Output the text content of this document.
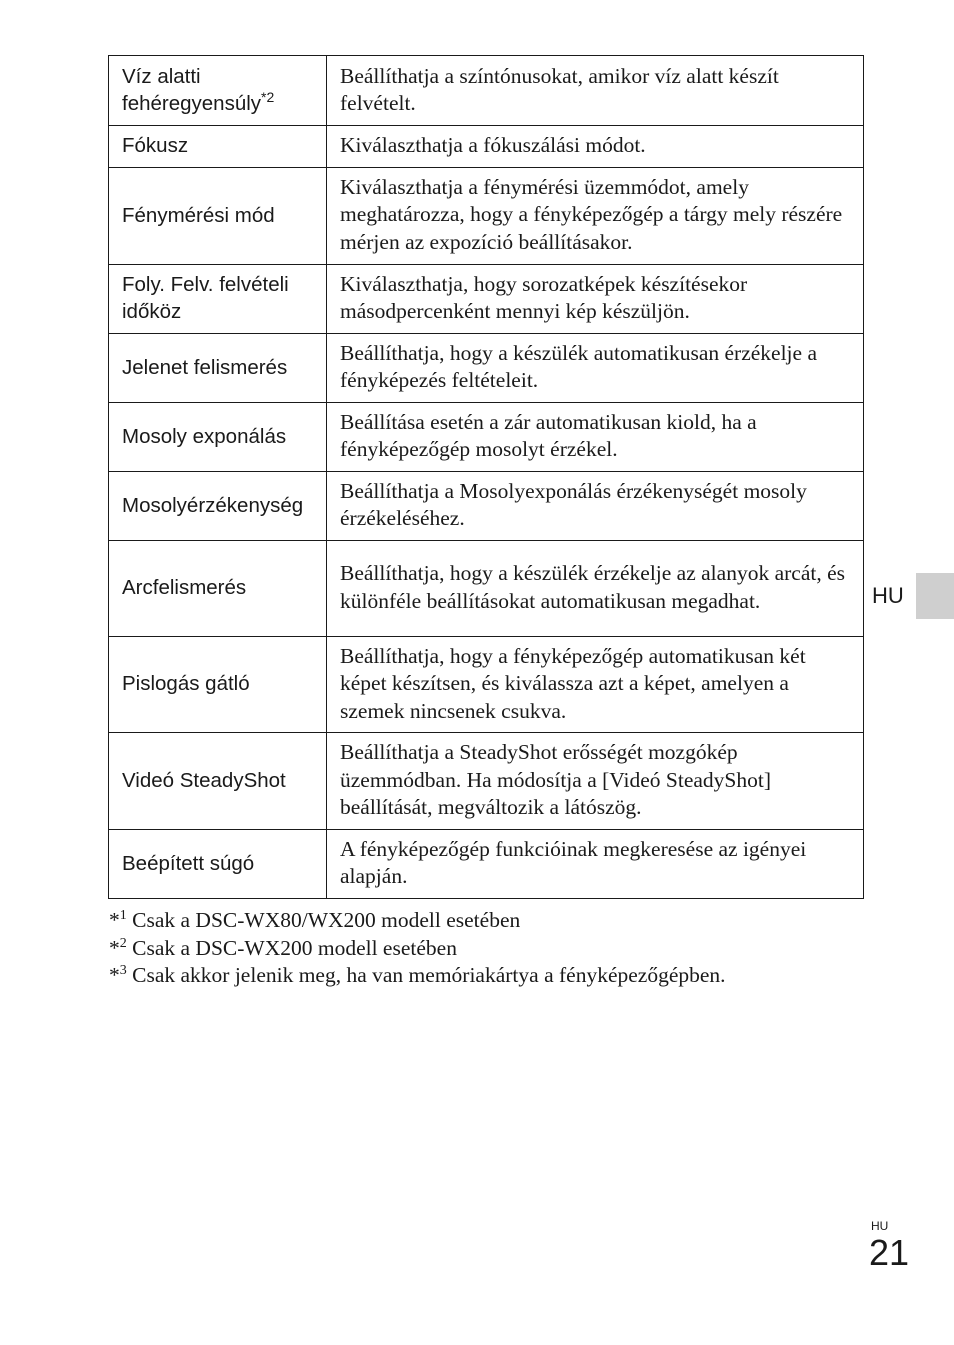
Víz alatti fehéregyensúly$^{*2}$	Beállíthatja a színtónusokat, amikor víz alatt készít felvételt.
Fókusz	Kiválaszthatja a fókuszálási módot.
Fénymérési mód	Kiválaszthatja a fénymérési üzemmódot, amely meghatározza, hogy a fényképezőgép a tárgy mely részére mérjen az expozíció beállításakor.
Foly. Felv. felvételi időköz	Kiválaszthatja, hogy sorozatképek készítésekor másodpercenként mennyi kép készüljön.
Jelenet felismerés	Beállíthatja, hogy a készülék automatikusan érzékelje a fényképezés feltételeit.
Mosoly exponálás	Beállítása esetén a zár automatikusan kiold, ha a fényképezőgép mosolyt érzékel.
Mosolyérzékenység	Beállíthatja a Mosolyexponálás érzékenységét mosoly érzékeléséhez.
Arcfelismerés	Beállíthatja, hogy a készülék érzékelje az alanyok arcát, és különféle beállításokat automatikusan megadhat.
Pislogás gátló	Beállíthatja, hogy a fényképezőgép automatikusan két képet készítsen, és kiválassza azt a képet, amelyen a szemek nincsenek csukva.
Videó SteadyShot	Beállíthatja a SteadyShot erősségét mozgókép üzemmódban. Ha módosítja a [Videó SteadyShot] beállítását, megváltozik a látószög.
Beépített súgó	A fényképezőgép funkcióinak megkeresése az igényei alapján.
*$^1$ Csak a DSC-WX80/WX200 modell esetében
*$^2$ Csak a DSC-WX200 modell esetében
*$^3$ Csak akkor jelenik meg, ha van memóriakártya a fényképezőgépben.
HU
HU
21
